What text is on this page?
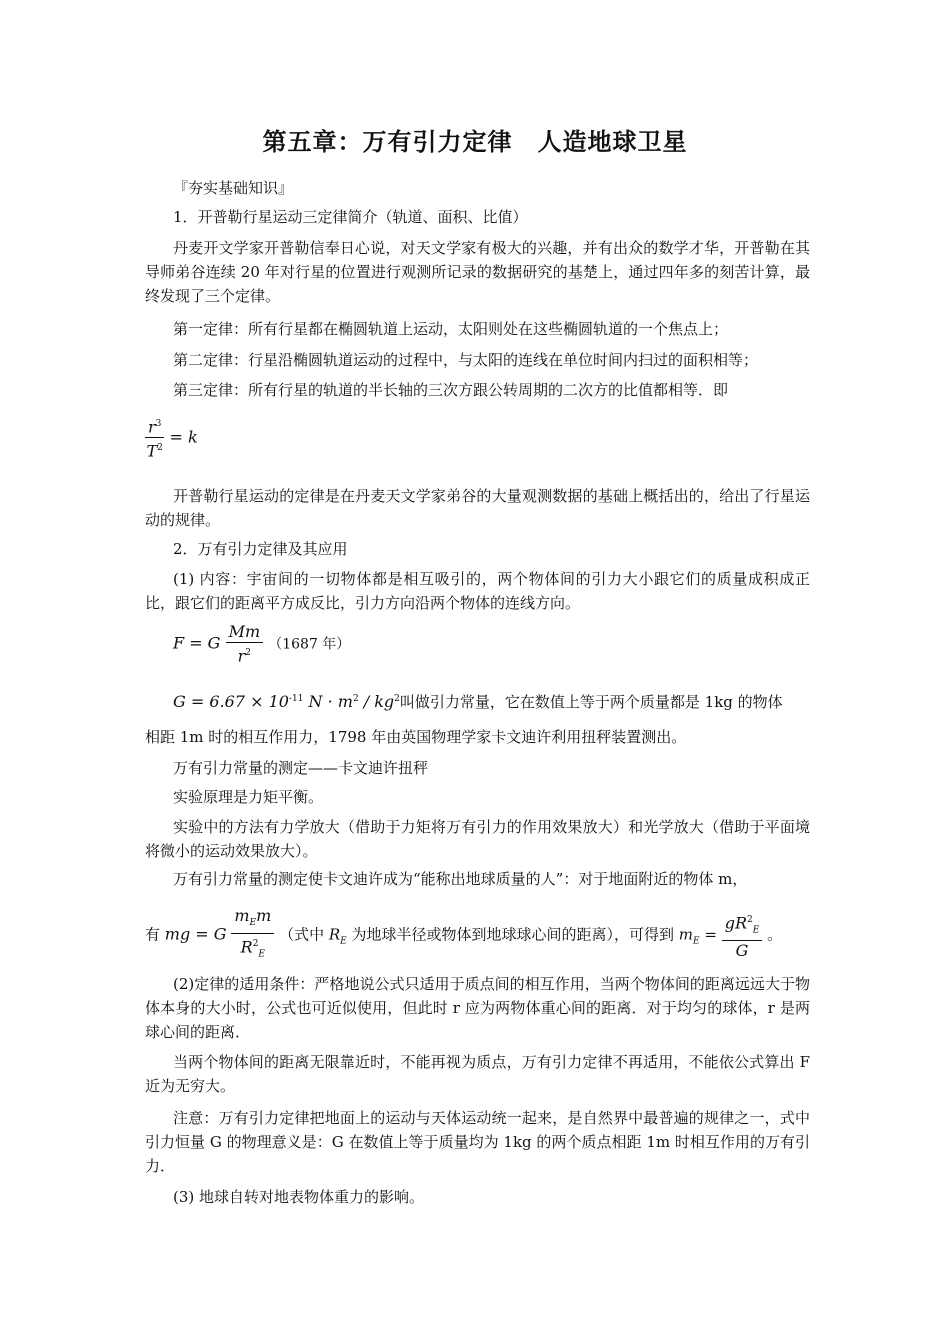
第五章：万有引力定律　人造地球卫星
『夯实基础知识』
1．开普勒行星运动三定律简介（轨道、面积、比值）
丹麦开文学家开普勒信奉日心说，对天文学家有极大的兴趣，并有出众的数学才华，开普勒在其导师弟谷连续 20 年对行星的位置进行观测所记录的数据研究的基楚上，通过四年多的刻苦计算，最终发现了三个定律。
第一定律：所有行星都在椭圆轨道上运动，太阳则处在这些椭圆轨道的一个焦点上；
第二定律：行星沿椭圆轨道运动的过程中，与太阳的连线在单位时间内扫过的面积相等；
第三定律：所有行星的轨道的半长轴的三次方跟公转周期的二次方的比值都相等．即
$\frac{r^3}{T^2} = k$
开普勒行星运动的定律是在丹麦天文学家弟谷的大量观测数据的基础上概括出的，给出了行星运动的规律。
2．万有引力定律及其应用
(1) 内容：宇宙间的一切物体都是相互吸引的，两个物体间的引力大小跟它们的质量成积成正比，跟它们的距离平方成反比，引力方向沿两个物体的连线方向。
F = G $\frac{Mm}{r^2} (1687$ 年）
$G = 6.67 \times 10^{-11}$ $N \cdot m^2 / kg^2$叫做引力常量，它在数值上等于两个质量都是 1kg 的物体
相距 1m 时的相互作用力，1798 年由英国物理学家卡文迪许利用扭秤装置测出。
万有引力常量的测定——卡文迪许扭秤
实验原理是力矩平衡。
实验中的方法有力学放大（借助于力矩将万有引力的作用效果放大）和光学放大（借助于平面境将微小的运动效果放大）。
万有引力常量的测定使卡文迪许成为“能称出地球质量的人”：对于地面附近的物体 m，
有 mg = G $\frac{m_Em}{R^2_E}$ （式中 $R_E$ 为地球半径或物体到地球球心间的距离），可得到 $m_E = \frac{gR^2_E}{G}$ 。
(2)定律的适用条件：严格地说公式只适用于质点间的相互作用，当两个物体间的距离远远大于物体本身的大小时，公式也可近似使用，但此时 r 应为两物体重心间的距离．对于均匀的球体，r 是两球心间的距离．
当两个物体间的距离无限靠近时，不能再视为质点，万有引力定律不再适用，不能依公式算出 F 近为无穷大。
注意：万有引力定律把地面上的运动与天体运动统一起来，是自然界中最普遍的规律之一，式中引力恒量 G 的物理意义是：G 在数值上等于质量均为 1kg 的两个质点相距 1m 时相互作用的万有引力．
(3) 地球自转对地表物体重力的影响。
